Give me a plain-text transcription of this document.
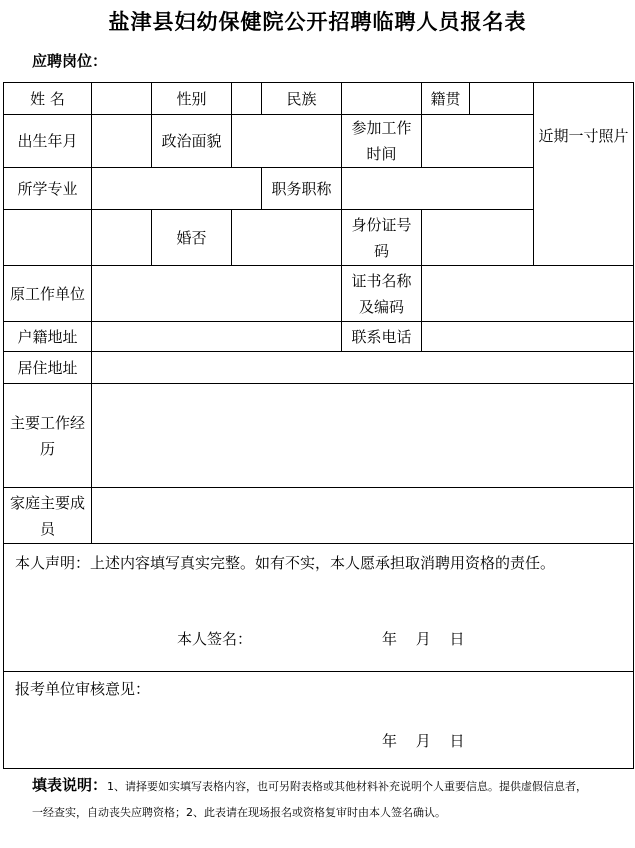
盐津县妇幼保健院公开招聘临聘人员报名表
应聘岗位：
姓 名		性别		民族		籍贯		近期一寸照片
出生年月		政治面貌			参加工作时间			
所学专业				职务职称				
		婚否			身份证号码			
原工作单位					证书名称及编码			
户籍地址					联系电话			
居住地址								
主要工作经历								
家庭主要成员								

本人声明：上述内容填写真实完整。如有不实，本人愿承担取消聘用资格的责任。
本人签名： 年 月 日								

报考单位审核意见：
年 月 日								
填表说明：1、请择要如实填写表格内容，也可另附表格或其他材料补充说明个人重要信息。提供虚假信息者，一经查实，自动丧失应聘资格；2、此表请在现场报名或资格复审时由本人签名确认。
